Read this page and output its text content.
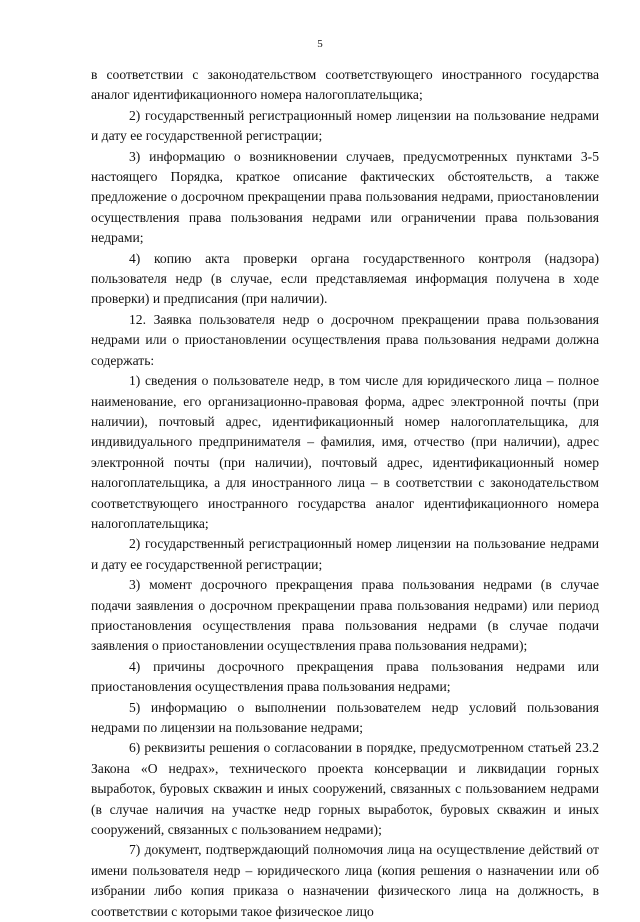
5

в соответствии с законодательством соответствующего иностранного государства аналог идентификационного номера налогоплательщика;

2) государственный регистрационный номер лицензии на пользование недрами и дату ее государственной регистрации;

3) информацию о возникновении случаев, предусмотренных пунктами 3-5 настоящего Порядка, краткое описание фактических обстоятельств, а также предложение о досрочном прекращении права пользования недрами, приостановлении осуществления права пользования недрами или ограничении права пользования недрами;

4) копию акта проверки органа государственного контроля (надзора) пользователя недр (в случае, если представляемая информация получена в ходе проверки) и предписания (при наличии).

12. Заявка пользователя недр о досрочном прекращении права пользования недрами или о приостановлении осуществления права пользования недрами должна содержать:

1) сведения о пользователе недр, в том числе для юридического лица – полное наименование, его организационно-правовая форма, адрес электронной почты (при наличии), почтовый адрес, идентификационный номер налогоплательщика, для индивидуального предпринимателя – фамилия, имя, отчество (при наличии), адрес электронной почты (при наличии), почтовый адрес, идентификационный номер налогоплательщика, а для иностранного лица – в соответствии с законодательством соответствующего иностранного государства аналог идентификационного номера налогоплательщика;

2) государственный регистрационный номер лицензии на пользование недрами и дату ее государственной регистрации;

3) момент досрочного прекращения права пользования недрами (в случае подачи заявления о досрочном прекращении права пользования недрами) или период приостановления осуществления права пользования недрами (в случае подачи заявления о приостановлении осуществления права пользования недрами);

4) причины досрочного прекращения права пользования недрами или приостановления осуществления права пользования недрами;

5) информацию о выполнении пользователем недр условий пользования недрами по лицензии на пользование недрами;

6) реквизиты решения о согласовании в порядке, предусмотренном статьей 23.2 Закона «О недрах», технического проекта консервации и ликвидации горных выработок, буровых скважин и иных сооружений, связанных с пользованием недрами (в случае наличия на участке недр горных выработок, буровых скважин и иных сооружений, связанных с пользованием недрами);

7) документ, подтверждающий полномочия лица на осуществление действий от имени пользователя недр – юридического лица (копия решения о назначении или об избрании либо копия приказа о назначении физического лица на должность, в соответствии с которыми такое физическое лицо
